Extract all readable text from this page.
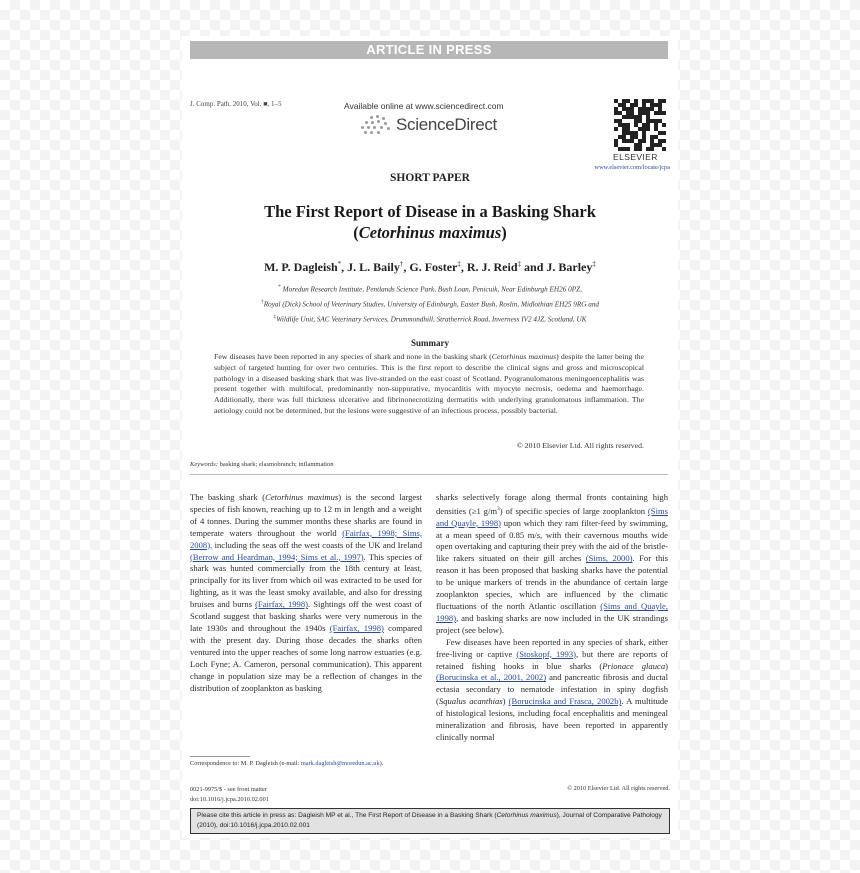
ARTICLE IN PRESS
J. Comp. Path. 2010, Vol. ■, 1–5	Available online at www.sciencedirect.com
ScienceDirect
ELSEVIER
www.elsevier.com/locate/jcpa
SHORT PAPER
The First Report of Disease in a Basking Shark
(Cetorhinus maximus)
M. P. Dagleish*, J. L. Baily†, G. Foster‡, R. J. Reid‡ and J. Barley‡
* Moredun Research Institute, Pentlands Science Park, Bush Loan, Penicuik, Near Edinburgh EH26 0PZ,
†Royal (Dick) School of Veterinary Studies, University of Edinburgh, Easter Bush, Roslin, Midlothian EH25 9RG and
‡Wildlife Unit, SAC Veterinary Services, Drummondhill, Stratherrick Road, Inverness IV2 4JZ, Scotland, UK
Summary
Few diseases have been reported in any species of shark and none in the basking shark (Cetorhinus maximus) despite the latter being the subject of targeted hunting for over two centuries. This is the first report to describe the clinical signs and gross and microscopical pathology in a diseased basking shark that was live-stranded on the east coast of Scotland. Pyogranulomatous meningoencephalitis was present together with multifocal, predominantly non-suppurative, myocarditis with myocyte necrosis, oedema and haemorrhage. Additionally, there was full thickness ulcerative and fibrinonecrotizing dermatitis with underlying granulomatous inflammation. The aetiology could not be determined, but the lesions were suggestive of an infectious process, possibly bacterial.
© 2010 Elsevier Ltd. All rights reserved.
Keywords: basking shark; elasmobranch; inflammation

The basking shark (Cetorhinus maximus) is the second largest species of fish known, reaching up to 12 m in length and a weight of 4 tonnes. During the summer months these sharks are found in temperate waters throughout the world (Fairfax, 1998; Sims, 2008), including the seas off the west coasts of the UK and Ireland (Berrow and Heardman, 1994; Sims et al., 1997). This species of shark was hunted commercially from the 18th century at least, principally for its liver from which oil was extracted to be used for lighting, as it was the least smoky available, and also for dressing bruises and burns (Fairfax, 1998). Sightings off the west coast of Scotland suggest that basking sharks were very numerous in the late 1930s and throughout the 1940s (Fairfax, 1998) compared with the present day. During those decades the sharks often ventured into the upper reaches of some long narrow estuaries (e.g. Loch Fyne; A. Cameron, personal communication). This apparent change in population size may be a reflection of changes in the distribution of zooplankton as basking

sharks selectively forage along thermal fronts containing high densities (≥1 $g/m^3$) of specific species of large zooplankton (Sims and Quayle, 1998) upon which they ram filter-feed by swimming, at a mean speed of 0.85 m/s, with their cavernous mouths wide open overtaking and capturing their prey with the aid of the bristle-like rakers situated on their gill arches (Sims, 2000). For this reason it has been proposed that basking sharks have the potential to be unique markers of trends in the abundance of certain large zooplankton species, which are influenced by the climatic fluctuations of the north Atlantic oscillation (Sims and Quayle, 1998), and basking sharks are now included in the UK strandings project (see below).

Few diseases have been reported in any species of shark, either free-living or captive (Stoskopf, 1993), but there are reports of retained fishing hooks in blue sharks (Prionace glauca) (Borucinska et al., 2001, 2002) and pancreatic fibrosis and ductal ectasia secondary to nematode infestation in spiny dogfish (Squalus acanthias) (Borucinska and Frasca, 2002b). A multitude of histological lesions, including focal encephalitis and meningeal mineralization and fibrosis, have been reported in apparently clinically normal

Correspondence to: M. P. Dagleish (e-mail: mark.dagleish@moredun.ac.uk).
0021-9975/$ - see front matter
doi:10.1016/j.jcpa.2010.02.001
© 2010 Elsevier Ltd. All rights reserved.
Please cite this article in press as: Dagleish MP et al., The First Report of Disease in a Basking Shark (Cetorhinus maximus), Journal of Comparative Pathology (2010), doi:10.1016/j.jcpa.2010.02.001
